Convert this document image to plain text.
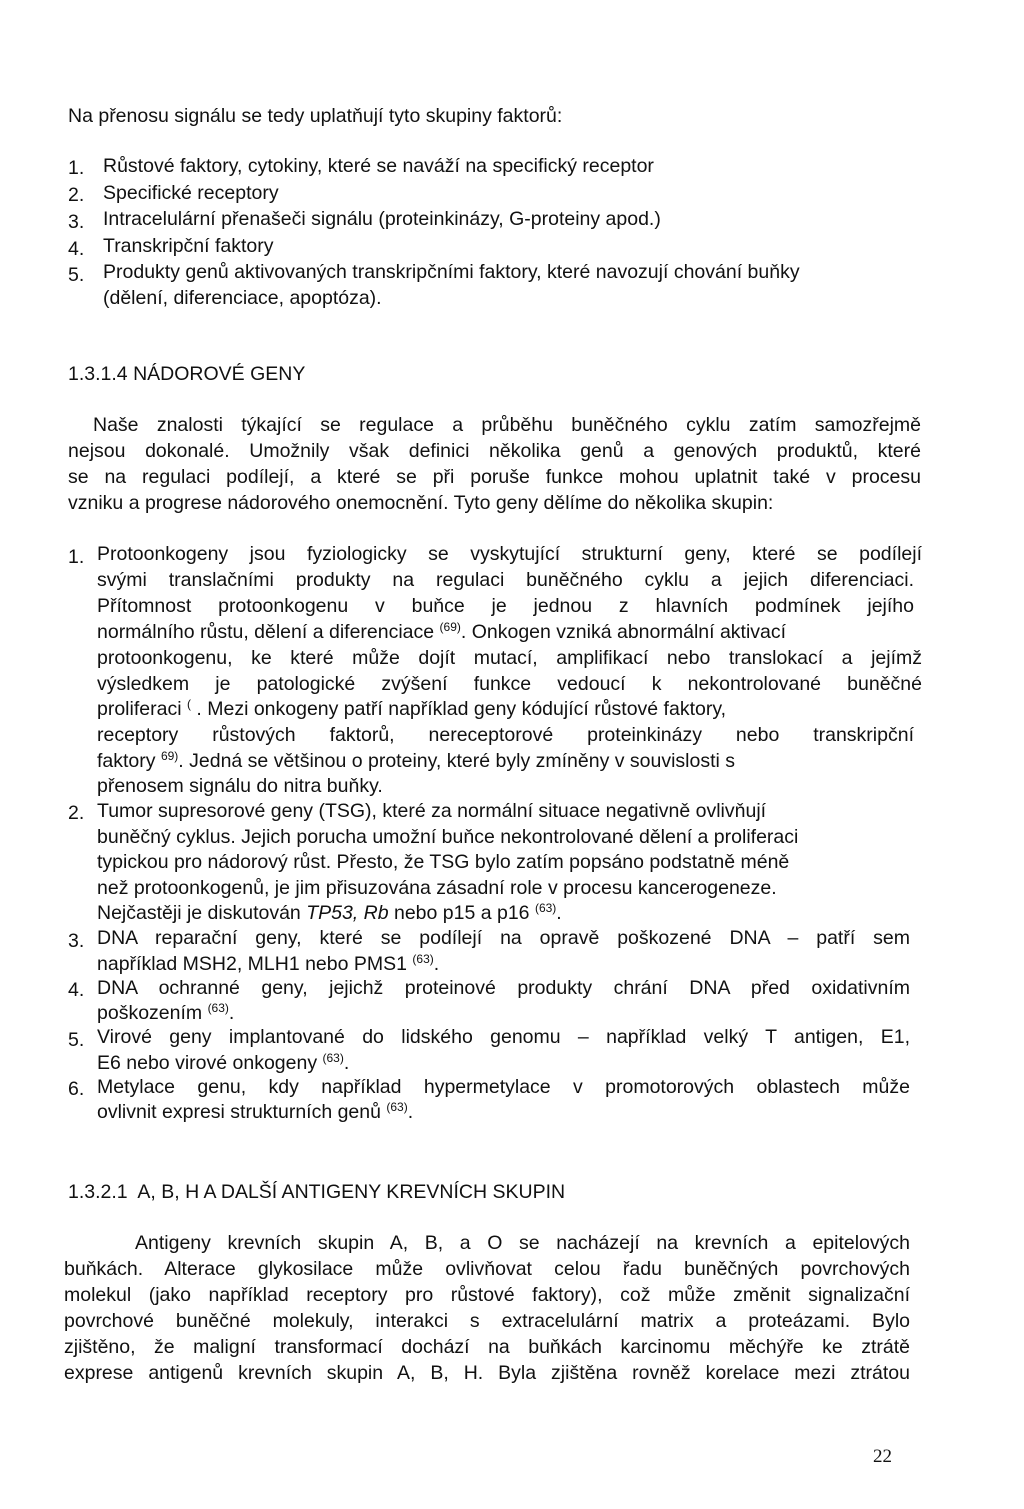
Na přenosu signálu se tedy uplatňují tyto skupiny faktorů:
1. Růstové faktory, cytokiny, které se naváží na specifický receptor
2. Specifické receptory
3. Intracelulární přenašeči signálu (proteinkinázy, G-proteiny apod.)
4. Transkripční faktory
5. Produkty genů aktivovaných transkripčními faktory, které navozují chování buňky
(dělení, diferenciace, apoptóza).
1.3.1.4 NÁDOROVÉ GENY
Naše znalosti týkající se regulace a průběhu buněčného cyklu zatím samozřejmě
nejsou dokonalé. Umožnily však definici několika genů a genových produktů, které
se na regulaci podílejí, a které se při poruše funkce mohou uplatnit také v procesu
vzniku a progrese nádorového onemocnění. Tyto geny dělíme do několika skupin:
1. Protoonkogeny jsou fyziologicky se vyskytující strukturní geny, které se podílejí
svými translačními produkty na regulaci buněčného cyklu a jejich diferenciaci.
Přítomnost protoonkogenu v buňce je jednou z hlavních podmínek jejího
normálního růstu, dělení a diferenciace $^{(69)}$. Onkogen vzniká abnormální aktivací
protoonkogenu, ke které může dojít mutací, amplifikací nebo translokací a jejímž
výsledkem je patologické zvýšení funkce vedoucí k nekontrolované buněčné
proliferaci ( . Mezi onkogeny patří například geny kódující růstové faktory,
receptory růstových faktorů, nereceptorové proteinkinázy nebo transkripční
faktory $^{69)}$. Jedná se většinou o proteiny, které byly zmíněny v souvislosti s
přenosem signálu do nitra buňky.
2. Tumor supresorové geny (TSG), které za normální situace negativně ovlivňují
buněčný cyklus. Jejich porucha umožní buňce nekontrolované dělení a proliferaci
typickou pro nádorový růst. Přesto, že TSG bylo zatím popsáno podstatně méně
než protoonkogenů, je jim přisuzována zásadní role v procesu kancerogeneze.
Nejčastěji je diskutován TP53, Rb nebo p15 a p16 $^{(63)}$.
3. DNA reparační geny, které se podílejí na opravě poškozené DNA – patří sem
například MSH2, MLH1 nebo PMS1 $^{(63)}$.
4. DNA ochranné geny, jejichž proteinové produkty chrání DNA před oxidativním
poškozením $^{(63)}$.
5. Virové geny implantované do lidského genomu – například velký T antigen, E1,
E6 nebo virové onkogeny $^{(63)}$.
6. Metylace genu, kdy například hypermetylace v promotorových oblastech může
ovlivnit expresi strukturních genů $^{(63)}$.
1.3.2.1 A, B, H A DALŠÍ ANTIGENY KREVNÍCH SKUPIN
Antigeny krevních skupin A, B, a O se nacházejí na krevních a epitelových
buňkách. Alterace glykosilace může ovlivňovat celou řadu buněčných povrchových
molekul (jako například receptory pro růstové faktory), což může změnit signalizační
povrchové buněčné molekuly, interakci s extracelulární matrix a proteázami. Bylo
zjištěno, že maligní transformací dochází na buňkách karcinomu měchýře ke ztrátě
exprese antigenů krevních skupin A, B, H. Byla zjištěna rovněž korelace mezi ztrátou
22
